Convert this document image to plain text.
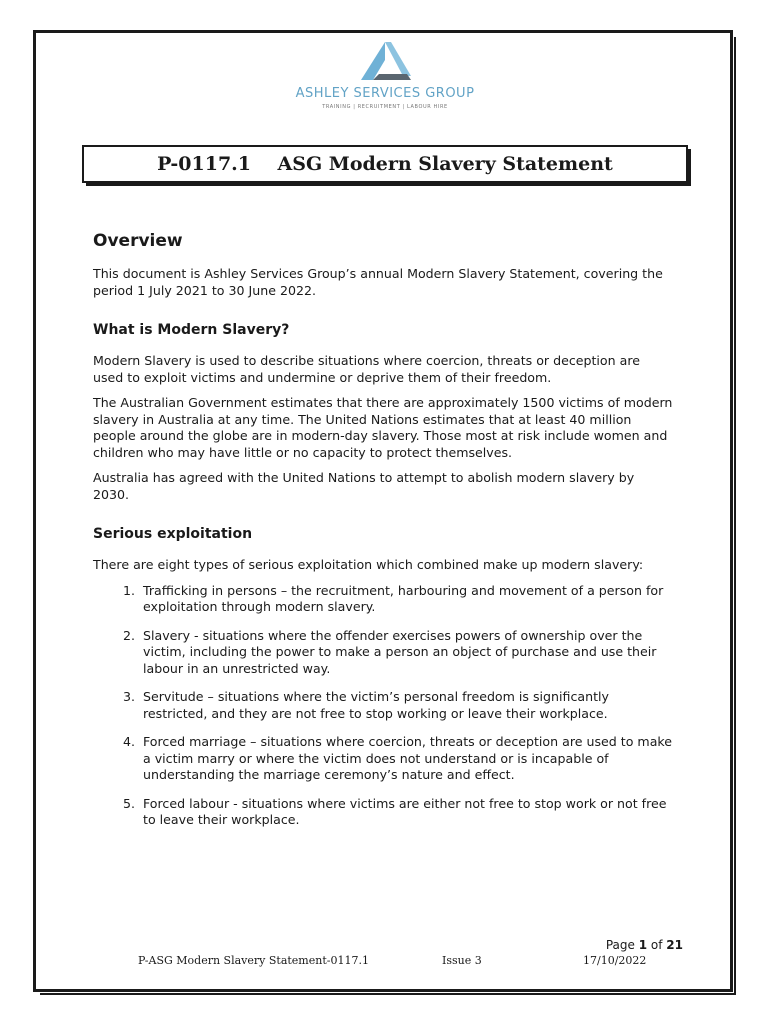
ASHLEY SERVICES GROUP
TRAINING | RECRUITMENT | LABOUR HIRE
P-0117.1    ASG Modern Slavery Statement
Overview

This document is Ashley Services Group’s annual Modern Slavery Statement, covering the period 1 July 2021 to 30 June 2022.

What is Modern Slavery?

Modern Slavery is used to describe situations where coercion, threats or deception are used to exploit victims and undermine or deprive them of their freedom.

The Australian Government estimates that there are approximately 1500 victims of modern slavery in Australia at any time. The United Nations estimates that at least 40 million people around the globe are in modern-day slavery. Those most at risk include women and children who may have little or no capacity to protect themselves.

Australia has agreed with the United Nations to attempt to abolish modern slavery by 2030.

Serious exploitation

There are eight types of serious exploitation which combined make up modern slavery:

1. Trafficking in persons – the recruitment, harbouring and movement of a person for exploitation through modern slavery.
2. Slavery - situations where the offender exercises powers of ownership over the victim, including the power to make a person an object of purchase and use their labour in an unrestricted way.
3. Servitude – situations where the victim’s personal freedom is significantly restricted, and they are not free to stop working or leave their workplace.
4. Forced marriage – situations where coercion, threats or deception are used to make a victim marry or where the victim does not understand or is incapable of understanding the marriage ceremony’s nature and effect.
5. Forced labour - situations where victims are either not free to stop work or not free to leave their workplace.
Page 1 of 21
P-ASG Modern Slavery Statement-0117.1	Issue 3	17/10/2022
